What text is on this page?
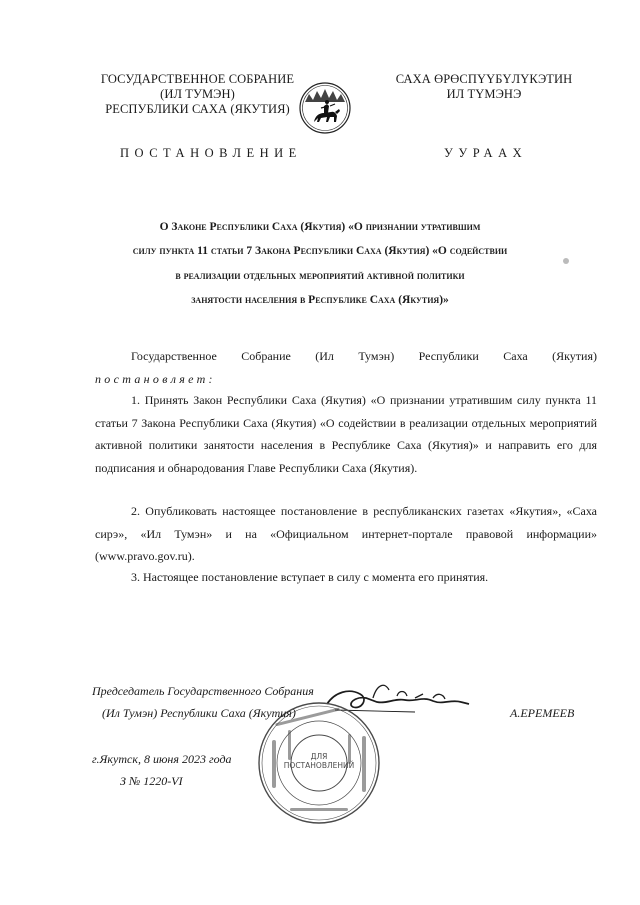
ГОСУДАРСТВЕННОЕ СОБРАНИЕ
(ИЛ ТУМЭН)
РЕСПУБЛИКИ САХА (ЯКУТИЯ)
САХА ӨРӨСПҮҮБҮЛҮКЭТИН
ИЛ ТҮМЭНЭ
ПОСТАНОВЛЕНИЕ	УУРААХ
О Законе Республики Саха (Якутия) «О признании утратившим
силу пункта 11 статьи 7 Закона Республики Саха (Якутия) «О содействии
в реализации отдельных мероприятий активной политики
занятости населения в Республике Саха (Якутия)»
Государственное Собрание (Ил Тумэн) Республики Саха (Якутия)
постановляет:
1. Принять Закон Республики Саха (Якутия) «О признании утратившим силу пункта 11 статьи 7 Закона Республики Саха (Якутия) «О содействии в реализации отдельных мероприятий активной политики занятости населения в Республике Саха (Якутия)» и направить его для подписания и обнародования Главе Республики Саха (Якутия).
2. Опубликовать настоящее постановление в республиканских газетах «Якутия», «Саха сирэ», «Ил Тумэн» и на «Официальном интернет-портале правовой информации» (www.pravo.gov.ru).
3. Настоящее постановление вступает в силу с момента его принятия.
ДЛЯ
ПОСТАНОВЛЕНИЙ
Председатель Государственного Собрания
(Ил Тумэн) Республики Саха (Якутия)	А.ЕРЕМЕЕВ
г.Якутск, 8 июня 2023 года
З № 1220-VI
